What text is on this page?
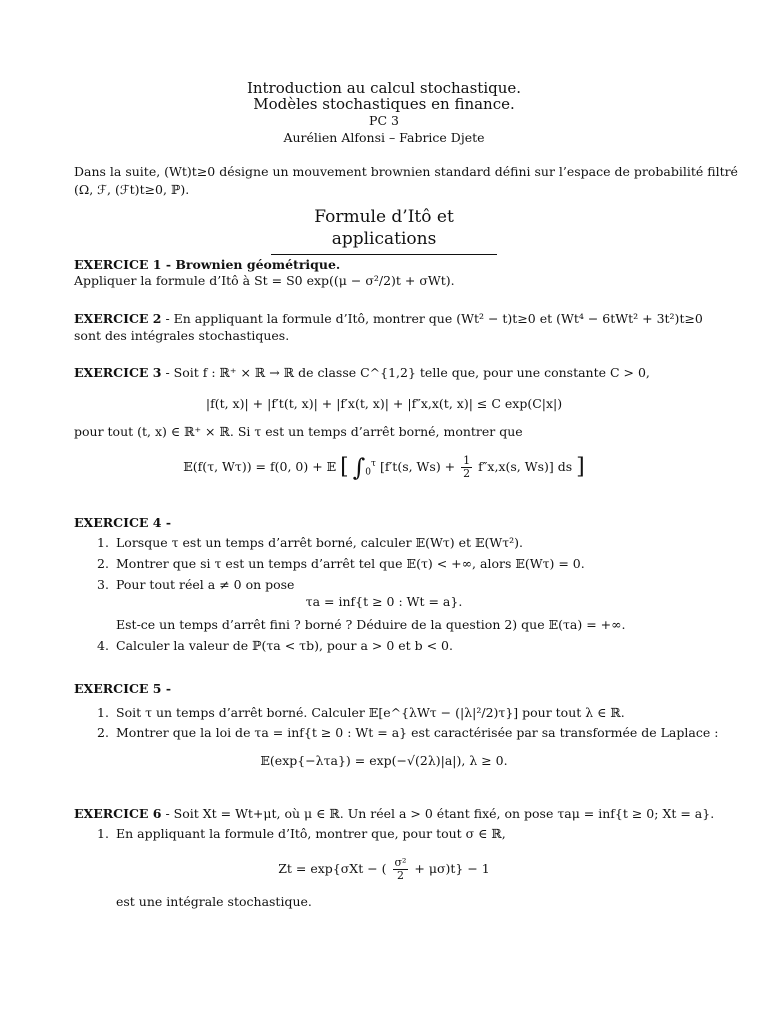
Introduction au calcul stochastique.
Modèles stochastiques en finance.
PC 3
Aurélien Alfonsi – Fabrice Djete
Dans la suite, (Wt)t≥0 désigne un mouvement brownien standard défini sur l’espace de probabilité filtré
(Ω, ℱ, (ℱt)t≥0, ℙ).
Formule d’Itô et applications
EXERCICE 1 - Brownien géométrique.
Appliquer la formule d’Itô à St = S0 exp((μ − σ²/2)t + σWt).
EXERCICE 2 - En appliquant la formule d’Itô, montrer que (Wt² − t)t≥0 et (Wt⁴ − 6tWt² + 3t²)t≥0
sont des intégrales stochastiques.
EXERCICE 3 - Soit f : ℝ⁺ × ℝ → ℝ de classe C^{1,2} telle que, pour une constante C > 0,
|f(t, x)| + |f′t(t, x)| + |f′x(t, x)| + |f″x,x(t, x)| ≤ C exp(C|x|)
pour tout (t, x) ∈ ℝ⁺ × ℝ. Si τ est un temps d’arrêt borné, montrer que
𝔼(f(τ, Wτ)) = f(0, 0) + 𝔼 [ $\int_0^\tau$ [f′t(s, $Ws) + \frac{1}{2} f''x,x(s$, Ws)] ds ]
EXERCICE 4 -
1. Lorsque τ est un temps d’arrêt borné, calculer 𝔼(Wτ) et 𝔼(Wτ²).
2. Montrer que si τ est un temps d’arrêt tel que 𝔼(τ) < +∞, alors 𝔼(Wτ) = 0.
3. Pour tout réel a ≠ 0 on pose
τa = inf{t ≥ 0 : Wt = a}.
Est-ce un temps d’arrêt fini ? borné ? Déduire de la question 2) que 𝔼(τa) = +∞.
4. Calculer la valeur de ℙ(τa < τb), pour a > 0 et b < 0.
EXERCICE 5 -
1. Soit τ un temps d’arrêt borné. Calculer 𝔼[e^{λWτ − (|λ|²/2)τ}] pour tout λ ∈ ℝ.
2. Montrer que la loi de τa = inf{t ≥ 0 : Wt = a} est caractérisée par sa transformée de Laplace :
𝔼(exp{−λτa}) = exp(−√(2λ)|a|), λ ≥ 0.
EXERCICE 6 - Soit Xt = Wt+μt, où μ ∈ ℝ. Un réel a > 0 étant fixé, on pose τaμ = inf{t ≥ 0; Xt = a}.
1. En appliquant la formule d’Itô, montrer que, pour tout σ ∈ ℝ,
Zt = exp{σXt − ( $\frac{\text{σ²}}{2} + \mu\sigma)t\} - 1$
est une intégrale stochastique.
